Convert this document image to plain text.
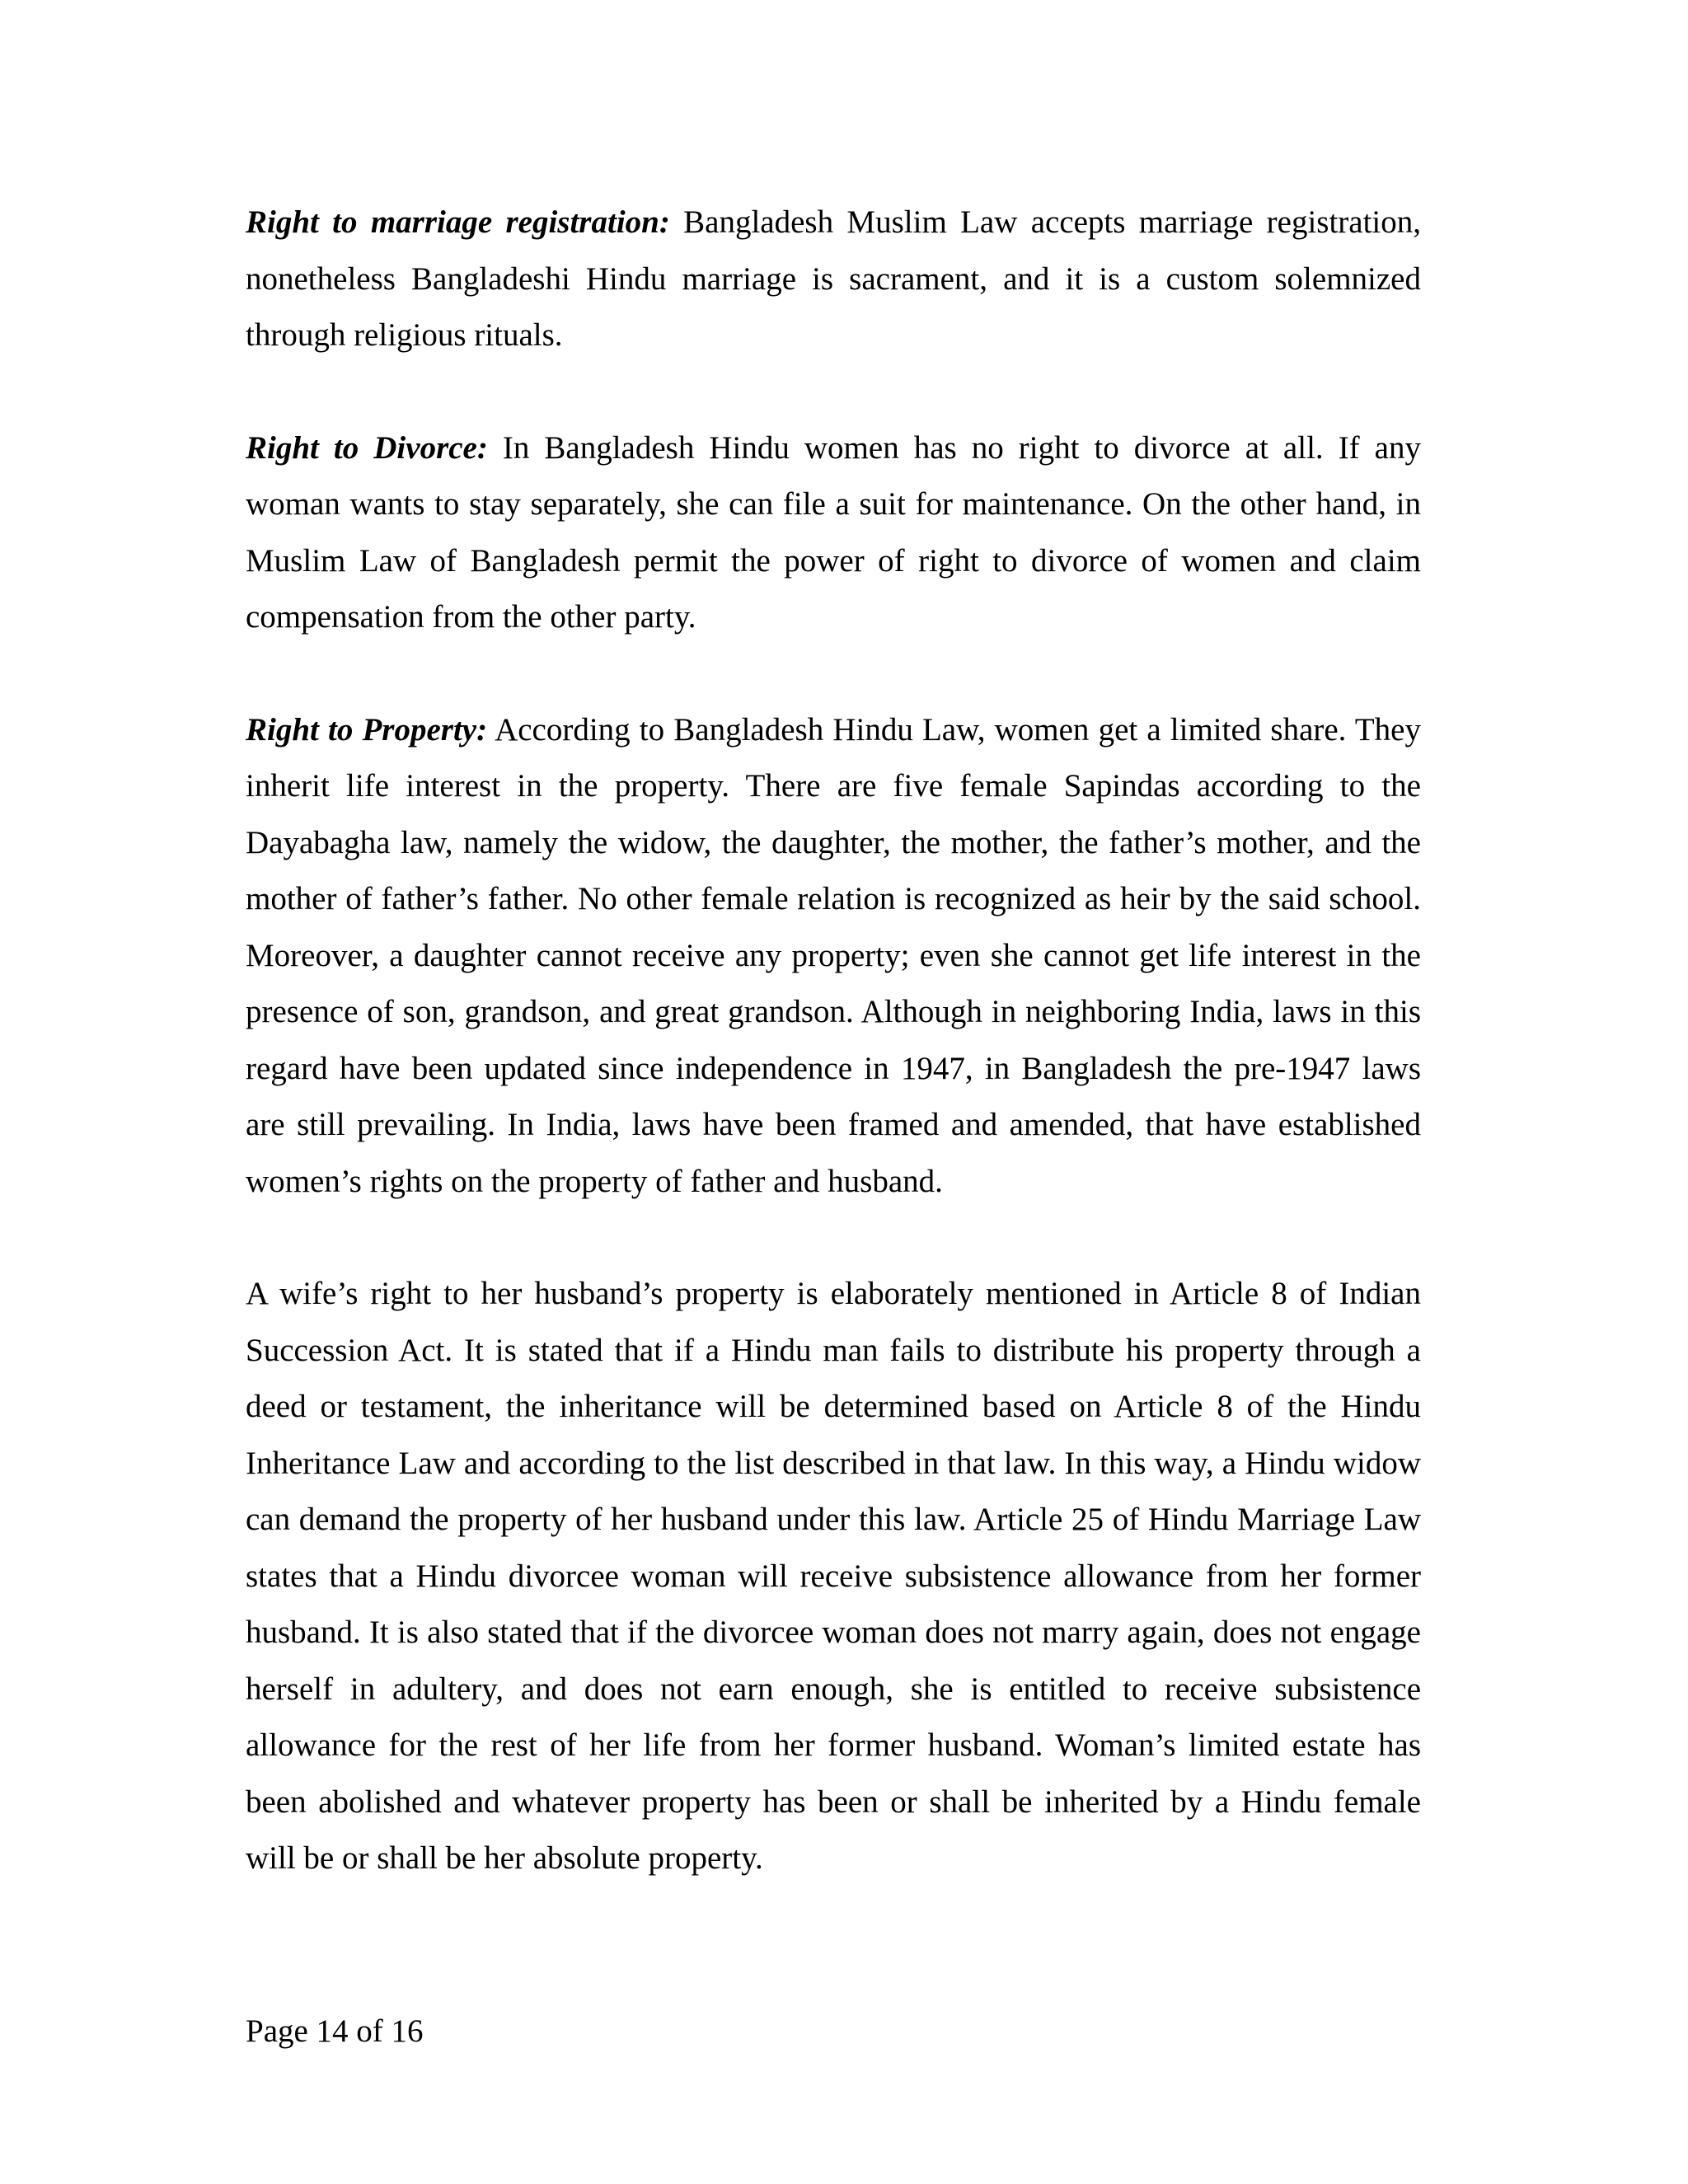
Right to marriage registration: Bangladesh Muslim Law accepts marriage registration, nonetheless Bangladeshi Hindu marriage is sacrament, and it is a custom solemnized through religious rituals.

Right to Divorce: In Bangladesh Hindu women has no right to divorce at all. If any woman wants to stay separately, she can file a suit for maintenance. On the other hand, in Muslim Law of Bangladesh permit the power of right to divorce of women and claim compensation from the other party.

Right to Property: According to Bangladesh Hindu Law, women get a limited share. They inherit life interest in the property. There are five female Sapindas according to the Dayabagha law, namely the widow, the daughter, the mother, the father’s mother, and the mother of father’s father. No other female relation is recognized as heir by the said school. Moreover, a daughter cannot receive any property; even she cannot get life interest in the presence of son, grandson, and great grandson. Although in neighboring India, laws in this regard have been updated since independence in 1947, in Bangladesh the pre-1947 laws are still prevailing. In India, laws have been framed and amended, that have established women’s rights on the property of father and husband.

A wife’s right to her husband’s property is elaborately mentioned in Article 8 of Indian Succession Act. It is stated that if a Hindu man fails to distribute his property through a deed or testament, the inheritance will be determined based on Article 8 of the Hindu Inheritance Law and according to the list described in that law. In this way, a Hindu widow can demand the property of her husband under this law. Article 25 of Hindu Marriage Law states that a Hindu divorcee woman will receive subsistence allowance from her former husband. It is also stated that if the divorcee woman does not marry again, does not engage herself in adultery, and does not earn enough, she is entitled to receive subsistence allowance for the rest of her life from her former husband. Woman’s limited estate has been abolished and whatever property has been or shall be inherited by a Hindu female will be or shall be her absolute property.

Page 14 of 16
